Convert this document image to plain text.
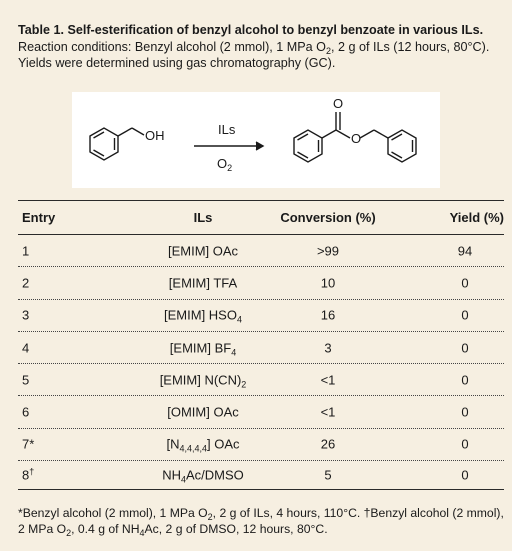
Table 1. Self-esterification of benzyl alcohol to benzyl benzoate in various ILs. Reaction conditions: Benzyl alcohol (2 mmol), 1 MPa $O_2$, 2 g of ILs (12 hours, 80°C). Yields were determined using gas chromatography (GC).
OH	ILs
$O_2$
O
O
Entry	ILs	Conversion (%)	Yield (%)
1	[EMIM] OAc	>99	94
2	[EMIM] TFA	10	0
3	[EMIM] $HSO_4$	16	0
4	[EMIM] $BF_4$	3	0
5	[EMIM] $N(CN)_2$	<1	0
6	[OMIM] OAc	<1	0
7*	$[N_{4,4,4,4}]$ OAc	26	0
8†	$NH_4Ac$/DMSO	5	0
*Benzyl alcohol (2 mmol), 1 MPa $O_2$, 2 g of ILs, 4 hours, 110°C. †Benzyl alcohol (2 mmol), 2 MPa $O_2$, 0.4 g of $NH_4Ac$, 2 g of DMSO, 12 hours, 80°C.
